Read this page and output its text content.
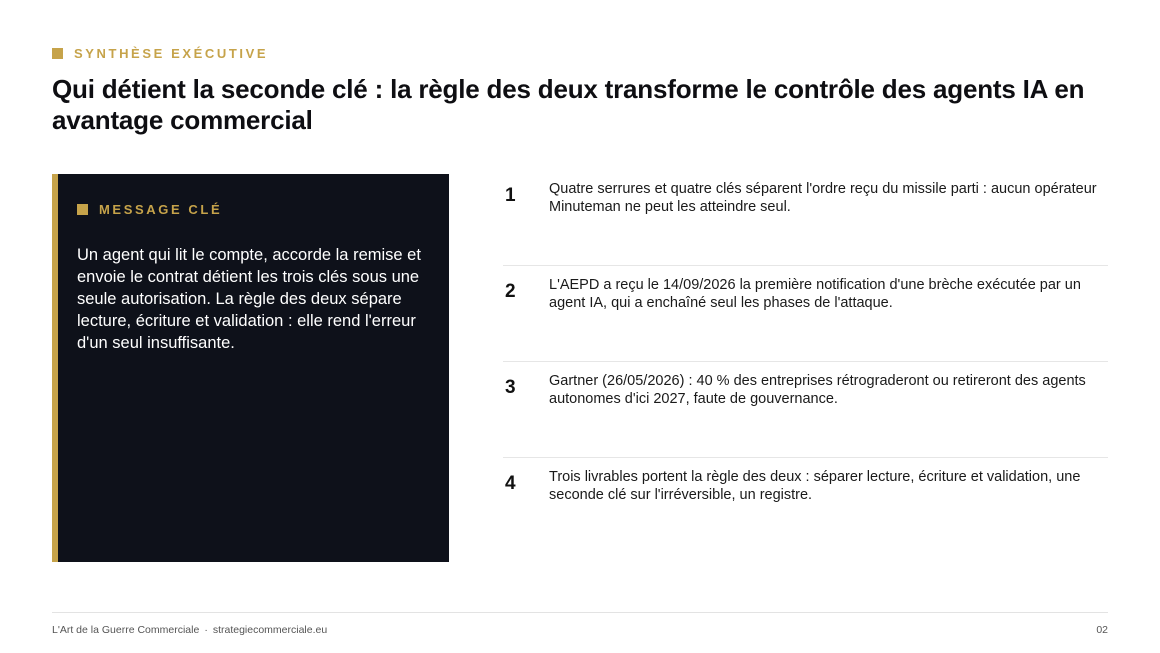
SYNTHÈSE EXÉCUTIVE
Qui détient la seconde clé : la règle des deux transforme le contrôle des agents IA en avantage commercial
MESSAGE CLÉ
Un agent qui lit le compte, accorde la remise et envoie le contrat détient les trois clés sous une seule autorisation. La règle des deux sépare lecture, écriture et validation : elle rend l'erreur d'un seul insuffisante.
1	Quatre serrures et quatre clés séparent l'ordre reçu du missile parti : aucun opérateur Minuteman ne peut les atteindre seul.
2	L'AEPD a reçu le 14/09/2026 la première notification d'une brèche exécutée par un agent IA, qui a enchaîné seul les phases de l'attaque.
3	Gartner (26/05/2026) : 40 % des entreprises rétrograderont ou retireront des agents autonomes d'ici 2027, faute de gouvernance.
4	Trois livrables portent la règle des deux : séparer lecture, écriture et validation, une seconde clé sur l'irréversible, un registre.
L'Art de la Guerre Commerciale · strategiecommerciale.eu	02
